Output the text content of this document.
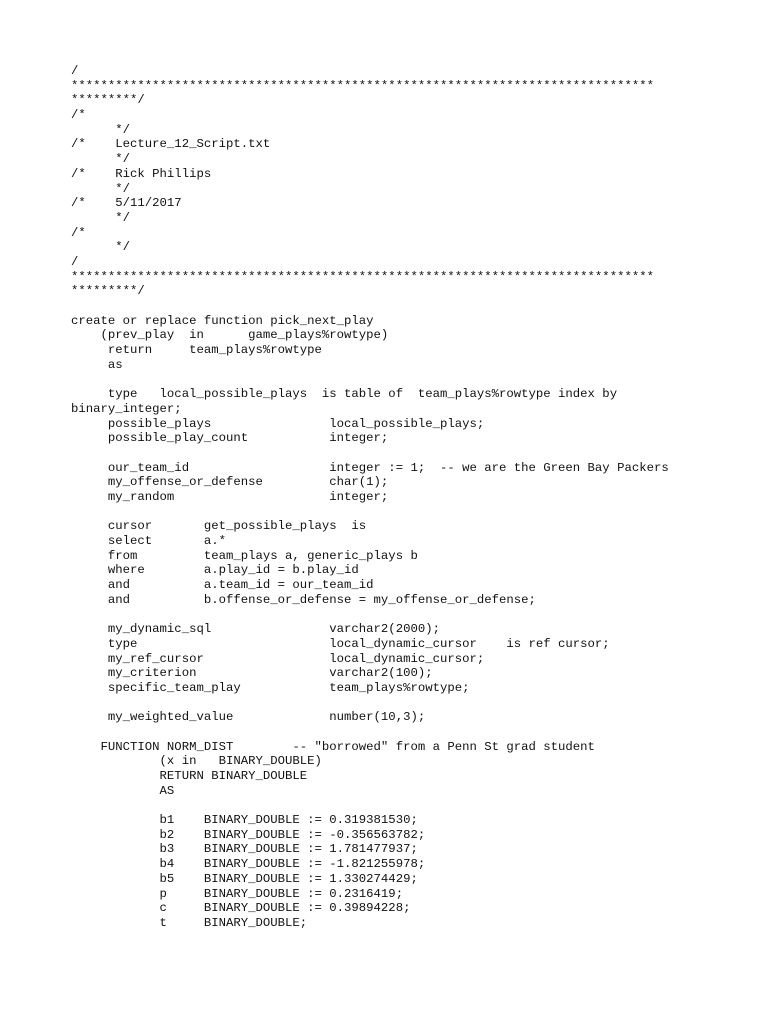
/
*******************************************************************************
*********/
/*
*/
/*    Lecture_12_Script.txt
*/
/*    Rick Phillips
*/
/*    5/11/2017
*/
/*
*/
/
*******************************************************************************
*********/
create or replace function pick_next_play
(prev_play  in      game_plays%rowtype)
return     team_plays%rowtype
as
type   local_possible_plays  is table of  team_plays%rowtype index by
binary_integer;
possible_plays                local_possible_plays;
possible_play_count           integer;
our_team_id                   integer := 1;  -- we are the Green Bay Packers
my_offense_or_defense         char(1);
my_random                     integer;
cursor       get_possible_plays  is
select       a.*
from         team_plays a, generic_plays b
where        a.play_id = b.play_id
and          a.team_id = our_team_id
and          b.offense_or_defense = my_offense_or_defense;
my_dynamic_sql                varchar2(2000);
type                          local_dynamic_cursor    is ref cursor;
my_ref_cursor                 local_dynamic_cursor;
my_criterion                  varchar2(100);
specific_team_play            team_plays%rowtype;
my_weighted_value             number(10,3);
FUNCTION NORM_DIST        -- "borrowed" from a Penn St grad student
(x in   BINARY_DOUBLE)
RETURN BINARY_DOUBLE
AS
b1    BINARY_DOUBLE := 0.319381530;
b2    BINARY_DOUBLE := -0.356563782;
b3    BINARY_DOUBLE := 1.781477937;
b4    BINARY_DOUBLE := -1.821255978;
b5    BINARY_DOUBLE := 1.330274429;
p     BINARY_DOUBLE := 0.2316419;
c     BINARY_DOUBLE := 0.39894228;
t     BINARY_DOUBLE;
